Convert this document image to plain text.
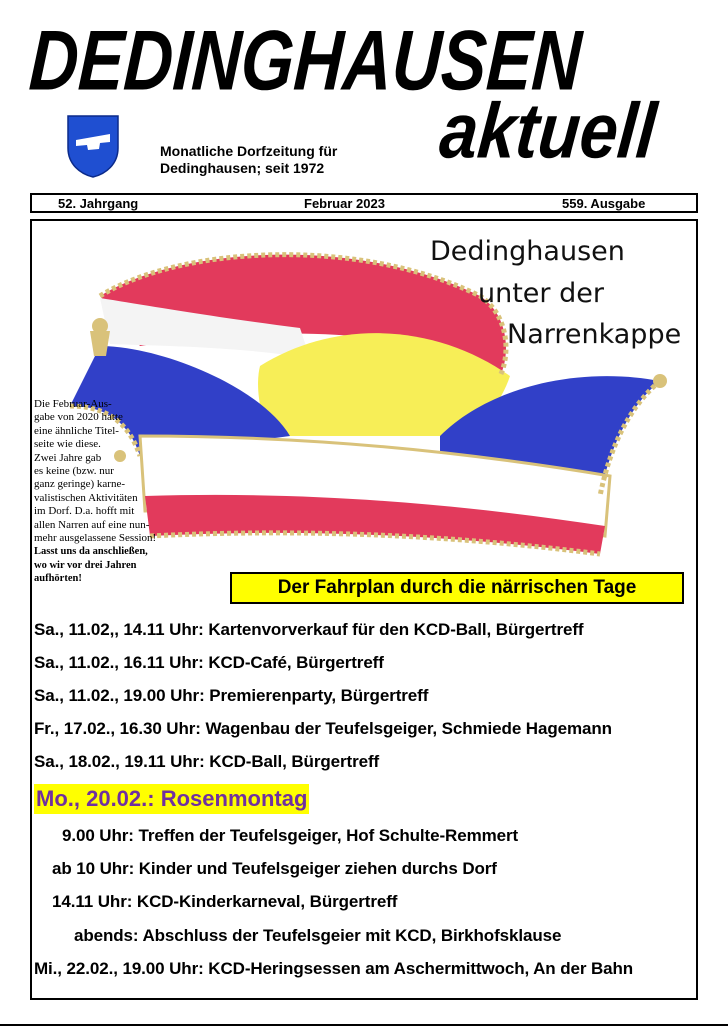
DEDINGHAUSEN
aktuell
Monatliche Dorfzeitung für
Dedinghausen; seit 1972
52. Jahrgang	Februar 2023	559. Ausgabe
Dedinghausen
unter der
Narrenkappe
Die Februar-Aus-
gabe von 2020 hatte
eine ähnliche Titel-
seite wie diese.
Zwei Jahre gab
es keine (bzw. nur
ganz geringe) karne-
valistischen Aktivitäten
im Dorf. D.a. hofft mit
allen Narren auf eine nun-
mehr ausgelassene Session!
Lasst uns da anschließen,
wo wir vor drei Jahren aufhörten!	Der Fahrplan durch die närrischen Tage
Sa., 11.02,, 14.11 Uhr: Kartenvorverkauf für den KCD-Ball, Bürgertreff
Sa., 11.02., 16.11 Uhr: KCD-Café, Bürgertreff
Sa., 11.02., 19.00 Uhr: Premierenparty, Bürgertreff
Fr., 17.02., 16.30 Uhr: Wagenbau der Teufelsgeiger, Schmiede Hagemann
Sa., 18.02., 19.11 Uhr: KCD-Ball, Bürgertreff
Mo., 20.02.: Rosenmontag
9.00 Uhr: Treffen der Teufelsgeiger, Hof Schulte-Remmert
ab 10 Uhr: Kinder und Teufelsgeiger ziehen durchs Dorf
14.11 Uhr: KCD-Kinderkarneval, Bürgertreff
abends: Abschluss der Teufelsgeier mit KCD, Birkhofsklause
Mi., 22.02., 19.00 Uhr: KCD-Heringsessen am Aschermittwoch, An der Bahn
